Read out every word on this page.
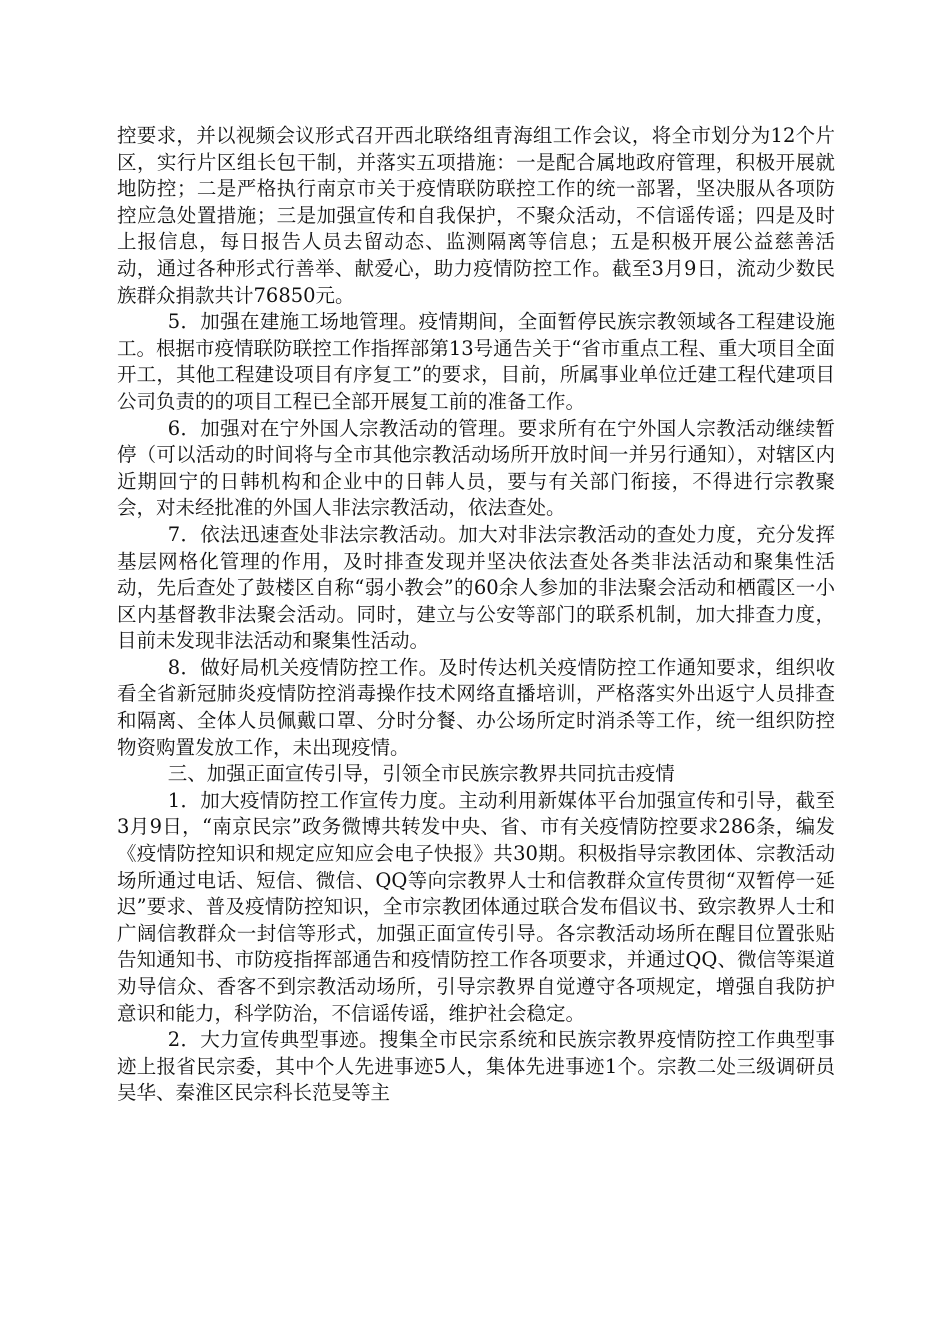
控要求，并以视频会议形式召开西北联络组青海组工作会议，将全市划分为12个片区，实行片区组长包干制，并落实五项措施：一是配合属地政府管理，积极开展就地防控；二是严格执行南京市关于疫情联防联控工作的统一部署，坚决服从各项防控应急处置措施；三是加强宣传和自我保护，不聚众活动，不信谣传谣；四是及时上报信息，每日报告人员去留动态、监测隔离等信息；五是积极开展公益慈善活动，通过各种形式行善举、献爱心，助力疫情防控工作。截至3月9日，流动少数民族群众捐款共计76850元。

5．加强在建施工场地管理。疫情期间，全面暂停民族宗教领域各工程建设施工。根据市疫情联防联控工作指挥部第13号通告关于“省市重点工程、重大项目全面开工，其他工程建设项目有序复工”的要求，目前，所属事业单位迁建工程代建项目公司负责的的项目工程已全部开展复工前的准备工作。

6．加强对在宁外国人宗教活动的管理。要求所有在宁外国人宗教活动继续暂停（可以活动的时间将与全市其他宗教活动场所开放时间一并另行通知），对辖区内近期回宁的日韩机构和企业中的日韩人员，要与有关部门衔接，不得进行宗教聚会，对未经批准的外国人非法宗教活动，依法查处。

7．依法迅速查处非法宗教活动。加大对非法宗教活动的查处力度，充分发挥基层网格化管理的作用，及时排查发现并坚决依法查处各类非法活动和聚集性活动，先后查处了鼓楼区自称“弱小教会”的60余人参加的非法聚会活动和栖霞区一小区内基督教非法聚会活动。同时，建立与公安等部门的联系机制，加大排查力度，目前未发现非法活动和聚集性活动。

8．做好局机关疫情防控工作。及时传达机关疫情防控工作通知要求，组织收看全省新冠肺炎疫情防控消毒操作技术网络直播培训，严格落实外出返宁人员排查和隔离、全体人员佩戴口罩、分时分餐、办公场所定时消杀等工作，统一组织防控物资购置发放工作，未出现疫情。

三、加强正面宣传引导，引领全市民族宗教界共同抗击疫情

1．加大疫情防控工作宣传力度。主动利用新媒体平台加强宣传和引导，截至3月9日，“南京民宗”政务微博共转发中央、省、市有关疫情防控要求286条，编发《疫情防控知识和规定应知应会电子快报》共30期。积极指导宗教团体、宗教活动场所通过电话、短信、微信、QQ等向宗教界人士和信教群众宣传贯彻“双暂停一延迟”要求、普及疫情防控知识，全市宗教团体通过联合发布倡议书、致宗教界人士和广阔信教群众一封信等形式，加强正面宣传引导。各宗教活动场所在醒目位置张贴告知通知书、市防疫指挥部通告和疫情防控工作各项要求，并通过QQ、微信等渠道劝导信众、香客不到宗教活动场所，引导宗教界自觉遵守各项规定，增强自我防护意识和能力，科学防治，不信谣传谣，维护社会稳定。

2．大力宣传典型事迹。搜集全市民宗系统和民族宗教界疫情防控工作典型事迹上报省民宗委，其中个人先进事迹5人，集体先进事迹1个。宗教二处三级调研员吴华、秦淮区民宗科长范旻等主
